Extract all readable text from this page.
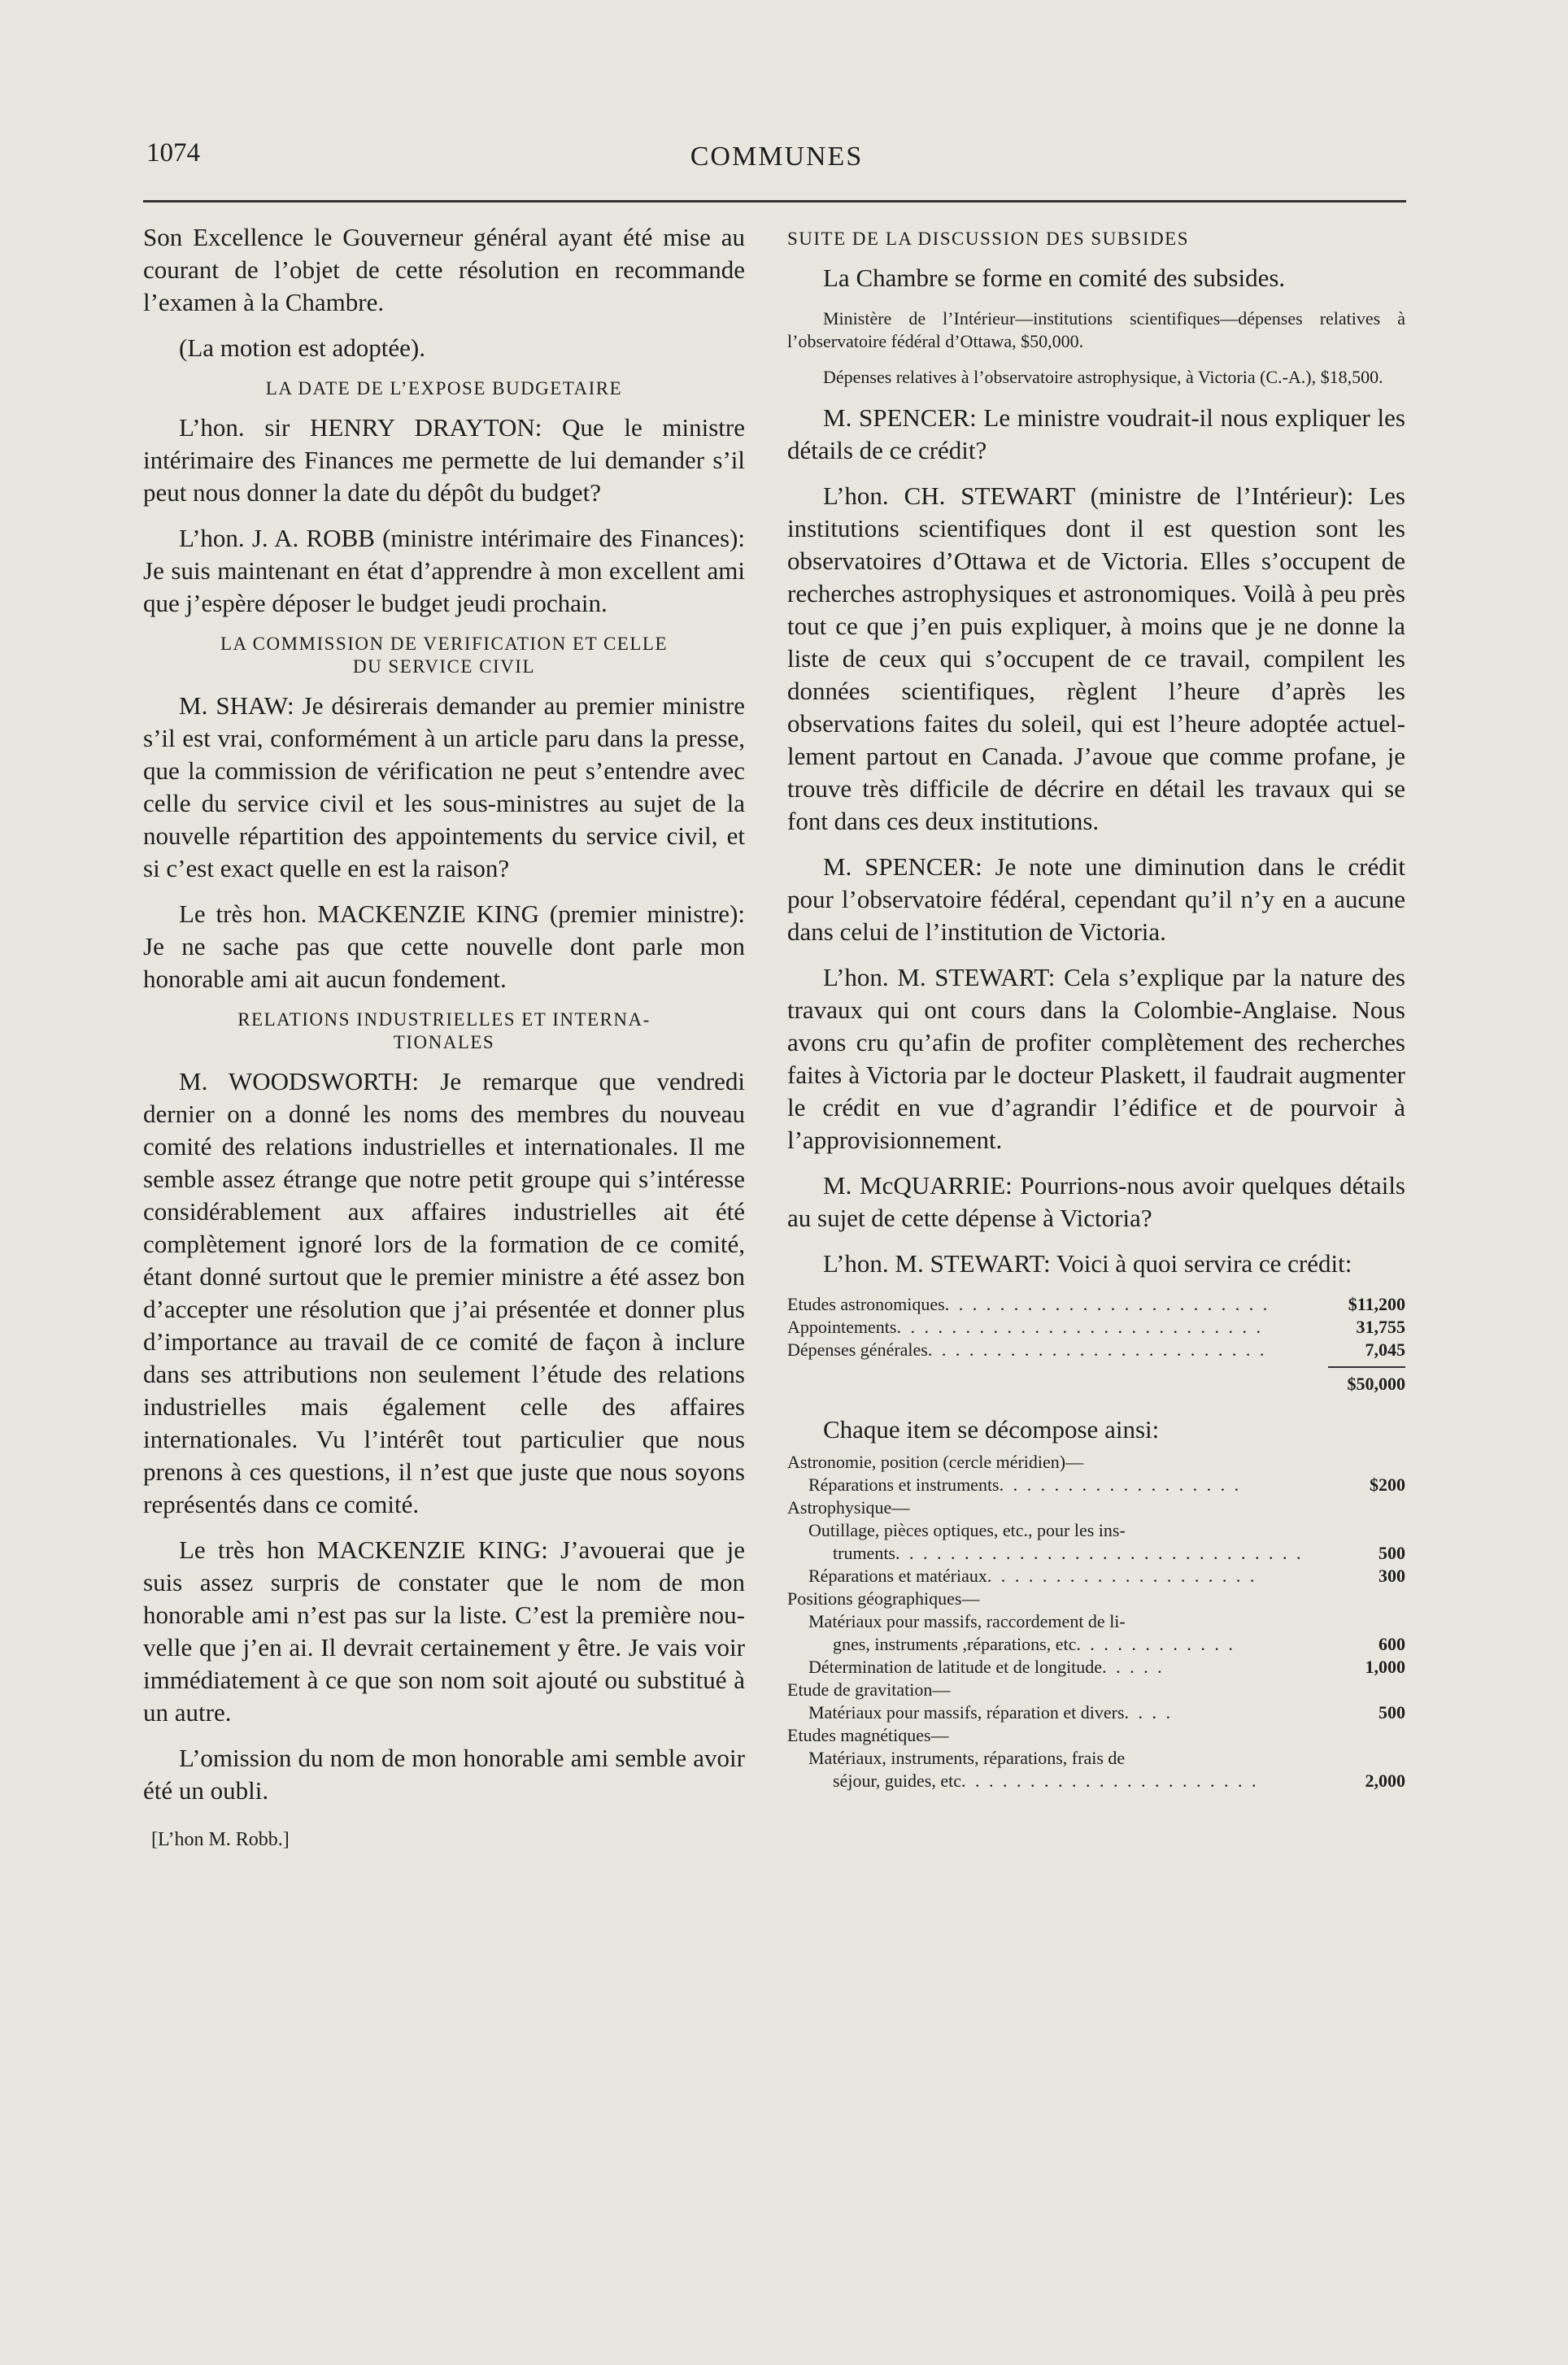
1074	COMMUNES

Son Excellence le Gouverneur général ayant été mise au courant de l’objet de cette résolution en recommande l’examen à la Chambre.

(La motion est adoptée).

LA DATE DE L’EXPOSE BUDGETAIRE

L’hon. sir HENRY DRAYTON: Que le ministre intérimaire des Finances me permette de lui demander s’il peut nous donner la date du dépôt du budget?

L’hon. J. A. ROBB (ministre intérimaire des Finances): Je suis maintenant en état d’apprendre à mon excellent ami que j’espère déposer le budget jeudi prochain.

LA COMMISSION DE VERIFICATION ET CELLE
DU SERVICE CIVIL

M. SHAW: Je désirerais demander au premier ministre s’il est vrai, conformément à un article paru dans la presse, que la commission de vérification ne peut s’entendre avec celle du service civil et les sous-ministres au sujet de la nouvelle répartition des appointements du service civil, et si c’est exact quelle en est la raison?

Le très hon. MACKENZIE KING (premier ministre): Je ne sache pas que cette nouvelle dont parle mon honorable ami ait aucun fondement.

RELATIONS INDUSTRIELLES ET INTERNA-
TIONALES

M. WOODSWORTH: Je remarque que vendredi dernier on a donné les noms des membres du nouveau comité des relations industrielles et internationales. Il me semble assez étrange que notre petit groupe qui s’intéresse considérablement aux affaires industrielles ait été complètement ignoré lors de la formation de ce comité, étant donné surtout que le premier ministre a été assez bon d’accepter une résolution que j’ai présentée et donner plus d’importance au travail de ce comité de façon à inclure dans ses attributions non seulement l’étude des relations industrielles mais également celle des affaires internationales. Vu l’intérêt tout particulier que nous prenons à ces questions, il n’est que juste que nous soyons représentés dans ce comité.

Le très hon MACKENZIE KING: J’avouerai que je suis assez surpris de constater que le nom de mon honorable ami n’est pas sur la liste. C’est la première nouvelle que j’en ai. Il devrait certainement y être. Je vais voir immédiatement à ce que son nom soit ajouté ou substitué à un autre.

L’omission du nom de mon honorable ami semble avoir été un oubli.

[L’hon M. Robb.]
SUITE DE LA DISCUSSION DES SUBSIDES

La Chambre se forme en comité des subsides.

Ministère de l’Intérieur—institutions scientifiques—dépenses relatives à l’observatoire fédéral d’Ottawa, $50,000.

Dépenses relatives à l’observatoire astrophysique, à Victoria (C.-A.), $18,500.

M. SPENCER: Le ministre voudrait-il nous expliquer les détails de ce crédit?

L’hon. CH. STEWART (ministre de l’Intérieur): Les institutions scientifiques dont il est question sont les observatoires d’Ottawa et de Victoria. Elles s’occupent de recherches astrophysiques et astronomiques. Voilà à peu près tout ce que j’en puis expliquer, à moins que je ne donne la liste de ceux qui s’occupent de ce travail, compilent les données scientifiques, règlent l’heure d’après les observations faites du soleil, qui est l’heure adoptée actuellement partout en Canada. J’avoue que comme profane, je trouve très difficile de décrire en détail les travaux qui se font dans ces deux institutions.

M. SPENCER: Je note une diminution dans le crédit pour l’observatoire fédéral, cependant qu’il n’y en a aucune dans celui de l’institution de Victoria.

L’hon. M. STEWART: Cela s’explique par la nature des travaux qui ont cours dans la Colombie-Anglaise. Nous avons cru qu’afin de profiter complètement des recherches faites à Victoria par le docteur Plaskett, il faudrait augmenter le crédit en vue d’agrandir l’édifice et de pourvoir à l’approvisionnement.

M. McQUARRIE: Pourrions-nous avoir quelques détails au sujet de cette dépense à Victoria?

L’hon. M. STEWART: Voici à quoi servira ce crédit:

Etudes astronomiques. . . . . . . . . . . . . . . . . . . . . . . .	$11,200
Appointements. . . . . . . . . . . . . . . . . . . . . . . . . . .	31,755
Dépenses générales. . . . . . . . . . . . . . . . . . . . . . . . .	7,045
$50,000

Chaque item se décompose ainsi:

Astronomie, position (cercle méridien)—
Réparations et instruments. . . . . . . . . . . . . . . . . .	$200
Astrophysique—
Outillage, pièces optiques, etc., pour les ins-
truments. . . . . . . . . . . . . . . . . . . . . . . . . . . . . .	500
Réparations et matériaux. . . . . . . . . . . . . . . . . . . .	300
Positions géographiques—
Matériaux pour massifs, raccordement de li-
gnes, instruments ,réparations, etc. . . . . . . . . . . .	600
Détermination de latitude et de longitude. . . . .	1,000
Etude de gravitation—
Matériaux pour massifs, réparation et divers. . . .	500
Etudes magnétiques—
Matériaux, instruments, réparations, frais de
séjour, guides, etc. . . . . . . . . . . . . . . . . . . . . .	2,000
